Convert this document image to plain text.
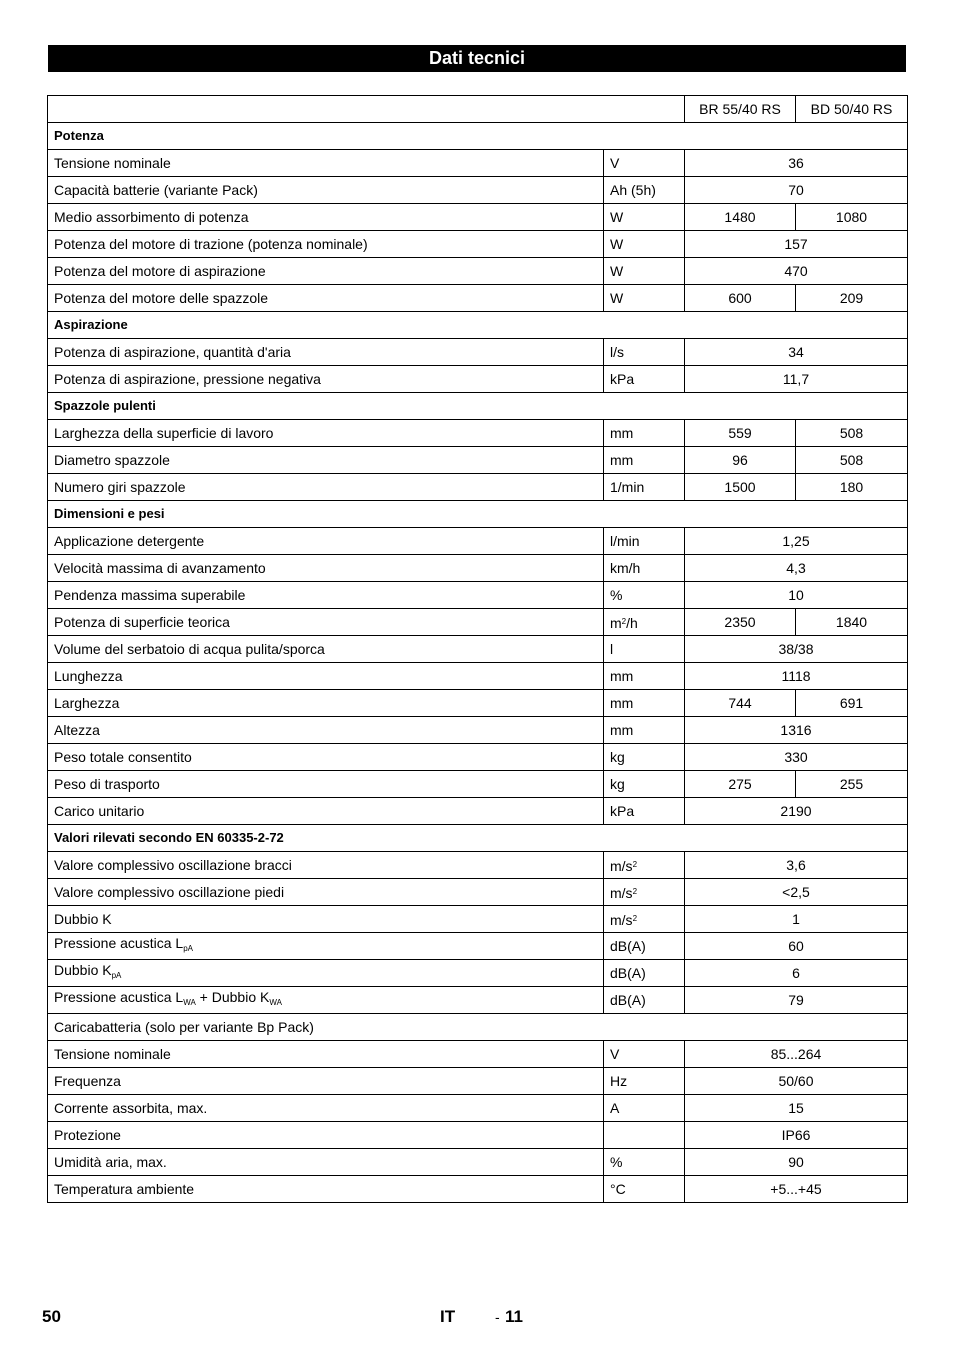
Dati tecnici
		BR 55/40 RS	BD 50/40 RS
Potenza			
Tensione nominale	V	36	
Capacità batterie (variante Pack)	Ah (5h)	70	
Medio assorbimento di potenza	W	1480	1080
Potenza del motore di trazione (potenza nominale)	W	157	
Potenza del motore di aspirazione	W	470	
Potenza del motore delle spazzole	W	600	209
Aspirazione			
Potenza di aspirazione, quantità d'aria	l/s	34	
Potenza di aspirazione, pressione negativa	kPa	11,7	
Spazzole pulenti			
Larghezza della superficie di lavoro	mm	559	508
Diametro spazzole	mm	96	508
Numero giri spazzole	1/min	1500	180
Dimensioni e pesi			
Applicazione detergente	l/min	1,25	
Velocità massima di avanzamento	km/h	4,3	
Pendenza massima superabile	%	10	
Potenza di superficie teorica	$m^2/h$	2350	1840
Volume del serbatoio di acqua pulita/sporca	l	38/38	
Lunghezza	mm	1118	
Larghezza	mm	744	691
Altezza	mm	1316	
Peso totale consentito	kg	330	
Peso di trasporto	kg	275	255
Carico unitario	kPa	2190	
Valori rilevati secondo EN 60335-2-72			
Valore complessivo oscillazione bracci	$m/s^2$	3,6	
Valore complessivo oscillazione piedi	$m/s^2$	<2,5	
Dubbio K	$m/s^2$	1	
Pressione acustica $L_{pA}$	dB(A)	60	
Dubbio $K_{pA}$	dB(A)	6	
Pressione acustica $L_{WA}$ + Dubbio $K_{WA}$	dB(A)	79	
Caricabatteria (solo per variante Bp Pack)			
Tensione nominale	V	85...264	
Frequenza	Hz	50/60	
Corrente assorbita, max.	A	15	
Protezione		IP66	
Umidità aria, max.	%	90	
Temperatura ambiente	°C	+5...+45	
50	IT	- 11
